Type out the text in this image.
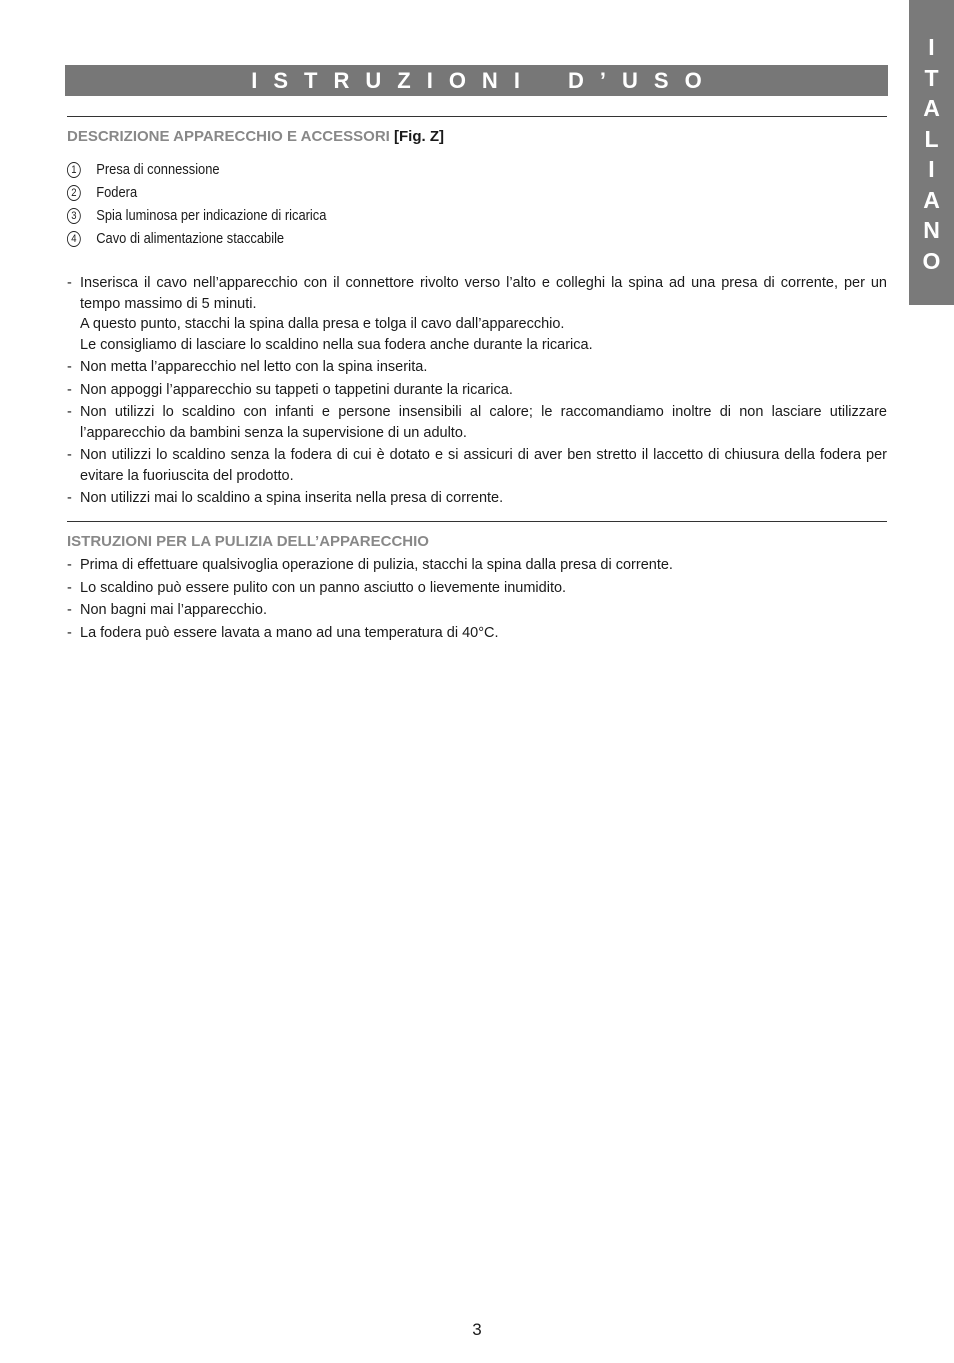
I
T
A
L
I
A
N
O
ISTRUZIONI D’USO
DESCRIZIONE APPARECCHIO E ACCESSORI [Fig. Z]
1 Presa di connessione
2 Fodera
3 Spia luminosa per indicazione di ricarica
4 Cavo di alimentazione staccabile
- Inserisca il cavo nell’apparecchio con il connettore rivolto verso l’alto e colleghi la spina ad una presa di corrente, per un tempo massimo di 5 minuti.
A questo punto, stacchi la spina dalla presa e tolga il cavo dall’apparecchio.
Le consigliamo di lasciare lo scaldino nella sua fodera anche durante la ricarica.
- Non metta l’apparecchio nel letto con la spina inserita.
- Non appoggi l’apparecchio su tappeti o tappetini durante la ricarica.
- Non utilizzi lo scaldino con infanti e persone insensibili al calore; le raccomandiamo inoltre di non lasciare utilizzare l’apparecchio da bambini senza la supervisione di un adulto.
- Non utilizzi lo scaldino senza la fodera di cui è dotato e si assicuri di aver ben stretto il laccetto di chiusura della fodera per evitare la fuoriuscita del prodotto.
- Non utilizzi mai lo scaldino a spina inserita nella presa di corrente.
ISTRUZIONI PER LA PULIZIA DELL’APPARECCHIO
- Prima di effettuare qualsivoglia operazione di pulizia, stacchi la spina dalla presa di corrente.
- Lo scaldino può essere pulito con un panno asciutto o lievemente inumidito.
- Non bagni mai l’apparecchio.
- La fodera può essere lavata a mano ad una temperatura di 40°C.
3
